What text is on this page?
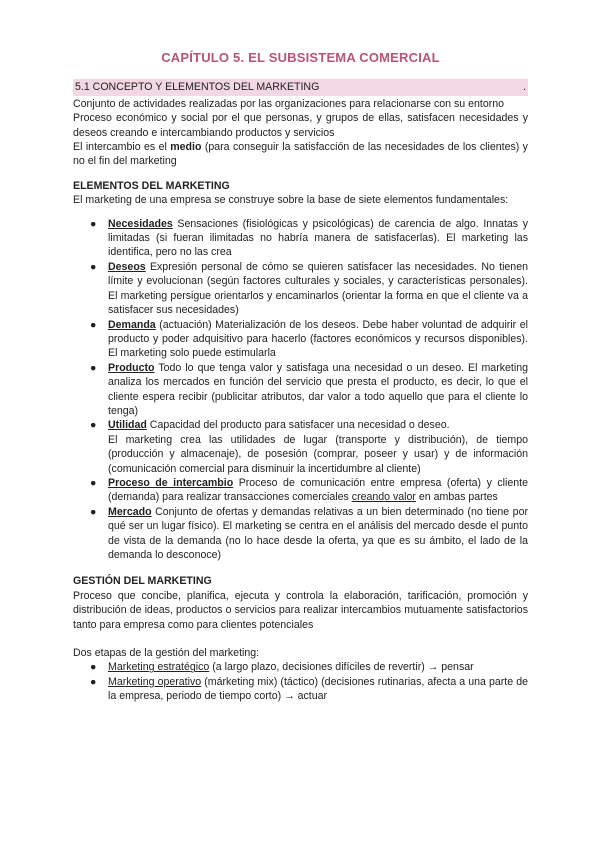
CAPÍTULO 5. EL SUBSISTEMA COMERCIAL
5.1 CONCEPTO Y ELEMENTOS DEL MARKETING	.

Conjunto de actividades realizadas por las organizaciones para relacionarse con su entorno

Proceso económico y social por el que personas, y grupos de ellas, satisfacen necesidades y deseos creando e intercambiando productos y servicios

El intercambio es el medio (para conseguir la satisfacción de las necesidades de los clientes) y no el fin del marketing

ELEMENTOS DEL MARKETING

El marketing de una empresa se construye sobre la base de siete elementos fundamentales:

● Necesidades Sensaciones (fisiológicas y psicológicas) de carencia de algo. Innatas y limitadas (si fueran ilimitadas no habría manera de satisfacerlas). El marketing las identifica, pero no las crea
● Deseos Expresión personal de cómo se quieren satisfacer las necesidades. No tienen límite y evolucionan (según factores culturales y sociales, y características personales). El marketing persigue orientarlos y encaminarlos (orientar la forma en que el cliente va a satisfacer sus necesidades)
● Demanda (actuación) Materialización de los deseos. Debe haber voluntad de adquirir el producto y poder adquisitivo para hacerlo (factores económicos y recursos disponibles). El marketing solo puede estimularla
● Producto Todo lo que tenga valor y satisfaga una necesidad o un deseo. El marketing analiza los mercados en función del servicio que presta el producto, es decir, lo que el cliente espera recibir (publicitar atributos, dar valor a todo aquello que para el cliente lo tenga)
● Utilidad Capacidad del producto para satisfacer una necesidad o deseo.
El marketing crea las utilidades de lugar (transporte y distribución), de tiempo (producción y almacenaje), de posesión (comprar, poseer y usar) y de información (comunicación comercial para disminuir la incertidumbre al cliente)
● Proceso de intercambio Proceso de comunicación entre empresa (oferta) y cliente (demanda) para realizar transacciones comerciales creando valor en ambas partes
● Mercado Conjunto de ofertas y demandas relativas a un bien determinado (no tiene por qué ser un lugar físico). El marketing se centra en el análisis del mercado desde el punto de vista de la demanda (no lo hace desde la oferta, ya que es su ámbito, el lado de la demanda lo desconoce)

GESTIÓN DEL MARKETING

Proceso que concibe, planifica, ejecuta y controla la elaboración, tarificación, promoción y distribución de ideas, productos o servicios para realizar intercambios mutuamente satisfactorios tanto para empresa como para clientes potenciales

Dos etapas de la gestión del marketing:

● Marketing estratégico (a largo plazo, decisiones difíciles de revertir) → pensar
● Marketing operativo (márketing mix) (táctico) (decisiones rutinarias, afecta a una parte de la empresa, periodo de tiempo corto) → actuar
